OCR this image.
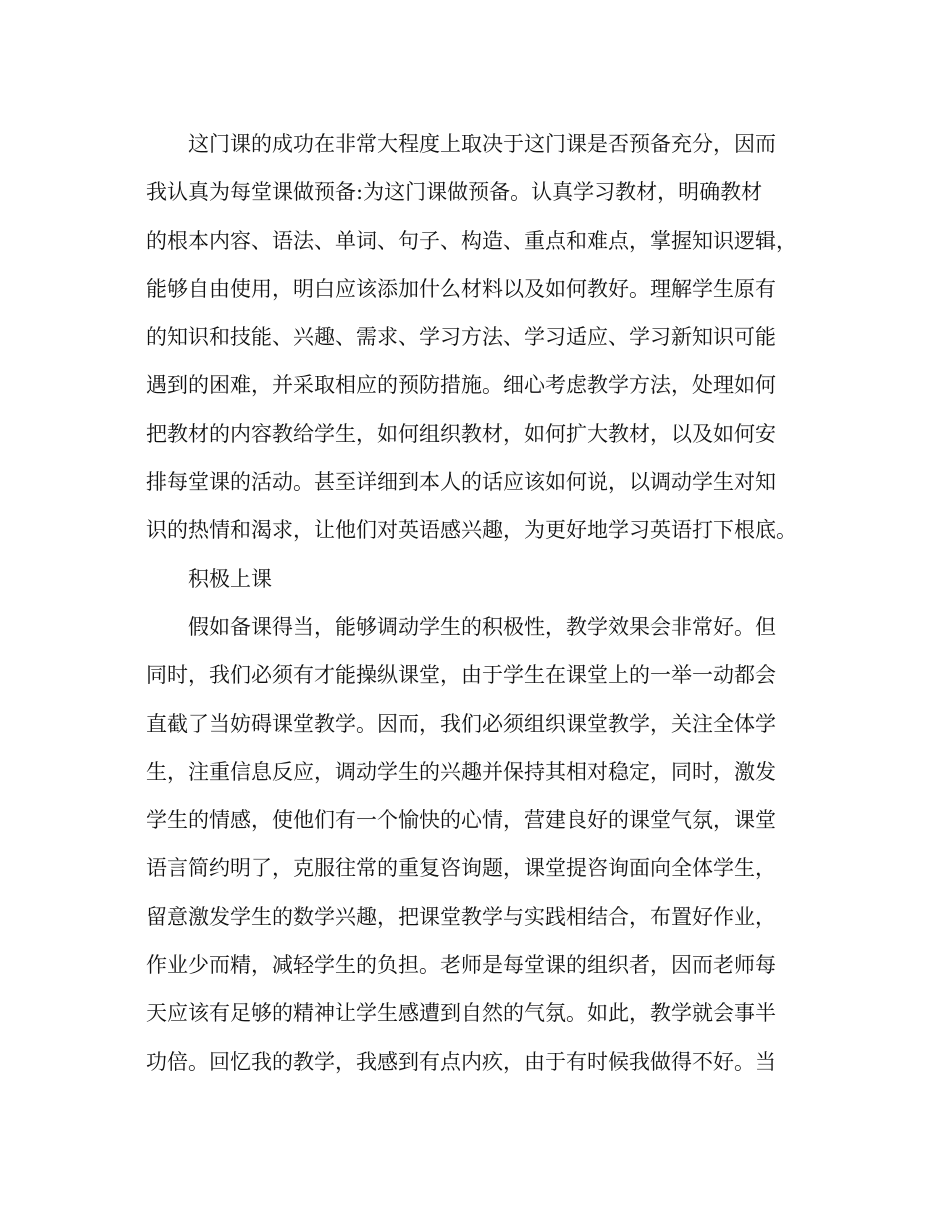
这门课的成功在非常大程度上取决于这门课是否预备充分，因而
我认真为每堂课做预备:为这门课做预备。认真学习教材，明确教材
的根本内容、语法、单词、句子、构造、重点和难点，掌握知识逻辑，
能够自由使用，明白应该添加什么材料以及如何教好。理解学生原有
的知识和技能、兴趣、需求、学习方法、学习适应、学习新知识可能
遇到的困难，并采取相应的预防措施。细心考虑教学方法，处理如何
把教材的内容教给学生，如何组织教材，如何扩大教材，以及如何安
排每堂课的活动。甚至详细到本人的话应该如何说，以调动学生对知
识的热情和渴求，让他们对英语感兴趣，为更好地学习英语打下根底。
积极上课
假如备课得当，能够调动学生的积极性，教学效果会非常好。但
同时，我们必须有才能操纵课堂，由于学生在课堂上的一举一动都会
直截了当妨碍课堂教学。因而，我们必须组织课堂教学，关注全体学
生，注重信息反应，调动学生的兴趣并保持其相对稳定，同时，激发
学生的情感，使他们有一个愉快的心情，营建良好的课堂气氛，课堂
语言简约明了，克服往常的重复咨询题，课堂提咨询面向全体学生，
留意激发学生的数学兴趣，把课堂教学与实践相结合，布置好作业，
作业少而精，减轻学生的负担。老师是每堂课的组织者，因而老师每
天应该有足够的精神让学生感遭到自然的气氛。如此，教学就会事半
功倍。回忆我的教学，我感到有点内疚，由于有时候我做得不好。当
